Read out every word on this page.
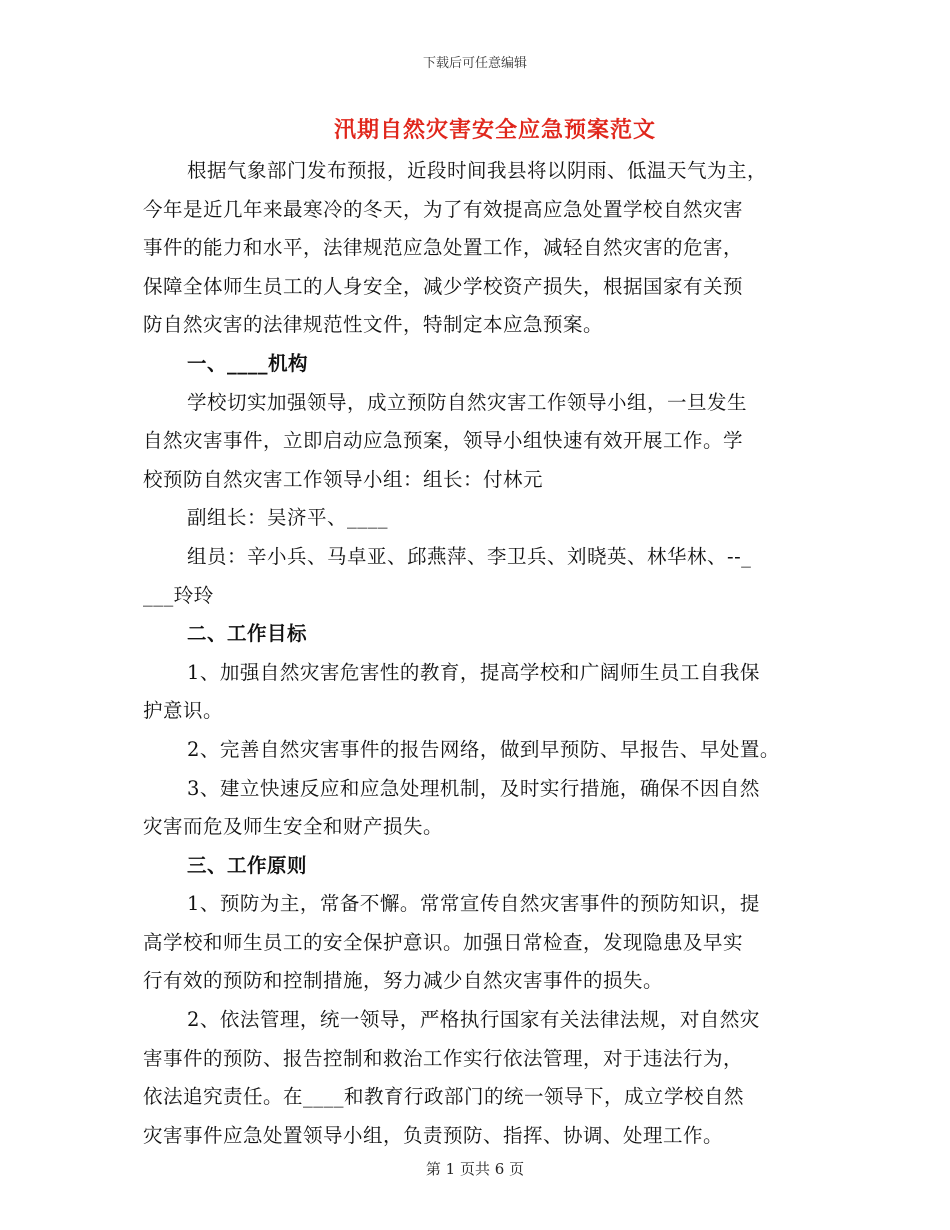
下载后可任意编辑
汛期自然灾害安全应急预案范文
根据气象部门发布预报，近段时间我县将以阴雨、低温天气为主，
今年是近几年来最寒冷的冬天，为了有效提高应急处置学校自然灾害
事件的能力和水平，法律规范应急处置工作，减轻自然灾害的危害，
保障全体师生员工的人身安全，减少学校资产损失，根据国家有关预
防自然灾害的法律规范性文件，特制定本应急预案。
一、____机构
学校切实加强领导，成立预防自然灾害工作领导小组，一旦发生
自然灾害事件，立即启动应急预案，领导小组快速有效开展工作。学
校预防自然灾害工作领导小组：组长：付林元
副组长：吴济平、____
组员：辛小兵、马卓亚、邱燕萍、李卫兵、刘晓英、林华林、--_
___玲玲
二、工作目标
1、加强自然灾害危害性的教育，提高学校和广阔师生员工自我保
护意识。
2、完善自然灾害事件的报告网络，做到早预防、早报告、早处置。
3、建立快速反应和应急处理机制，及时实行措施，确保不因自然
灾害而危及师生安全和财产损失。
三、工作原则
1、预防为主，常备不懈。常常宣传自然灾害事件的预防知识，提
高学校和师生员工的安全保护意识。加强日常检查，发现隐患及早实
行有效的预防和控制措施，努力减少自然灾害事件的损失。
2、依法管理，统一领导，严格执行国家有关法律法规，对自然灾
害事件的预防、报告控制和救治工作实行依法管理，对于违法行为，
依法追究责任。在____和教育行政部门的统一领导下，成立学校自然
灾害事件应急处置领导小组，负责预防、指挥、协调、处理工作。
第 1 页共 6 页
